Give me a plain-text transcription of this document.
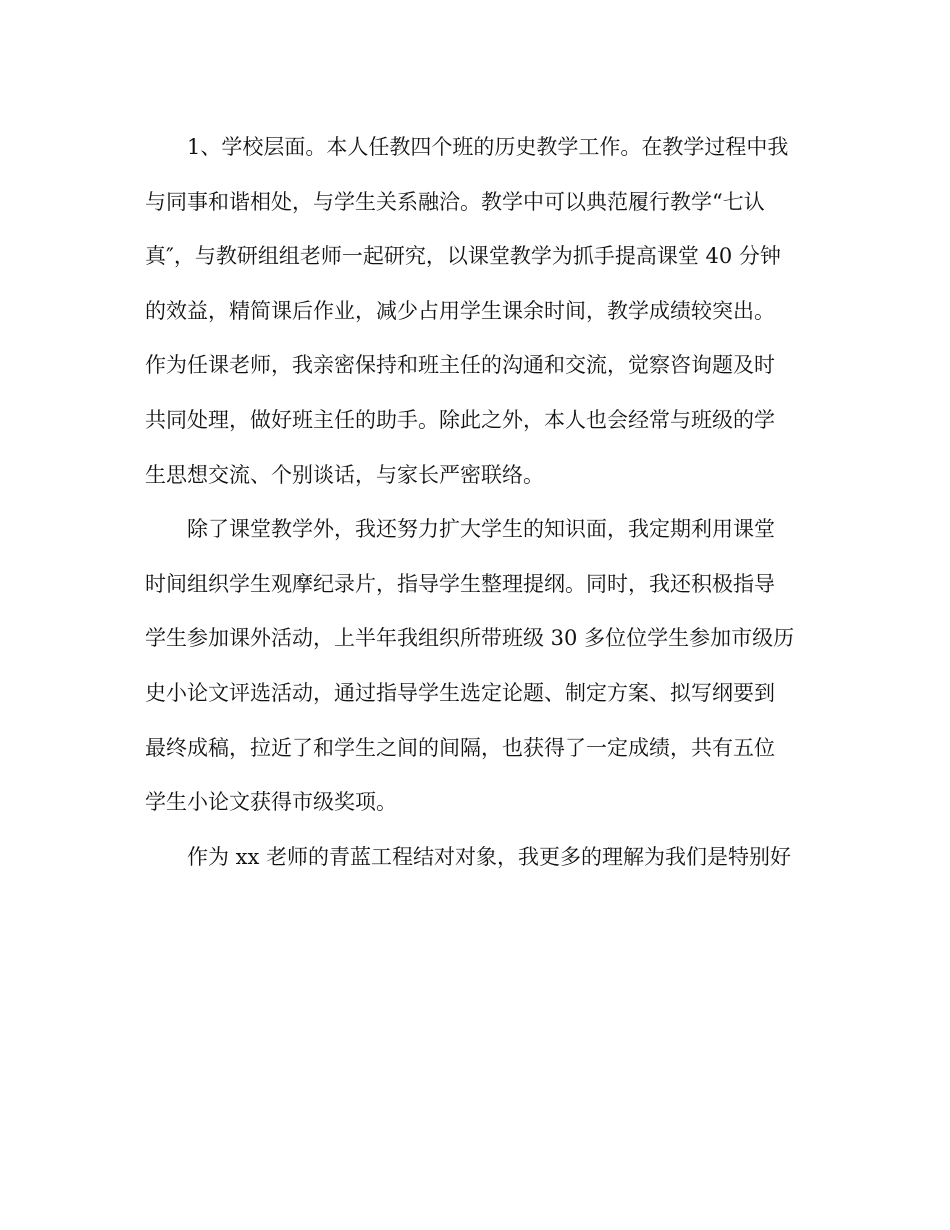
1、学校层面。本人任教四个班的历史教学工作。在教学过程中我
与同事和谐相处，与学生关系融洽。教学中可以典范履行教学“七认
真″，与教研组组老师一起研究，以课堂教学为抓手提高课堂 40 分钟
的效益，精简课后作业，减少占用学生课余时间，教学成绩较突出。
作为任课老师，我亲密保持和班主任的沟通和交流，觉察咨询题及时
共同处理，做好班主任的助手。除此之外，本人也会经常与班级的学
生思想交流、个别谈话，与家长严密联络。
除了课堂教学外，我还努力扩大学生的知识面，我定期利用课堂
时间组织学生观摩纪录片，指导学生整理提纲。同时，我还积极指导
学生参加课外活动，上半年我组织所带班级 30 多位位学生参加市级历
史小论文评选活动，通过指导学生选定论题、制定方案、拟写纲要到
最终成稿，拉近了和学生之间的间隔，也获得了一定成绩，共有五位
学生小论文获得市级奖项。
作为 xx 老师的青蓝工程结对对象，我更多的理解为我们是特别好
